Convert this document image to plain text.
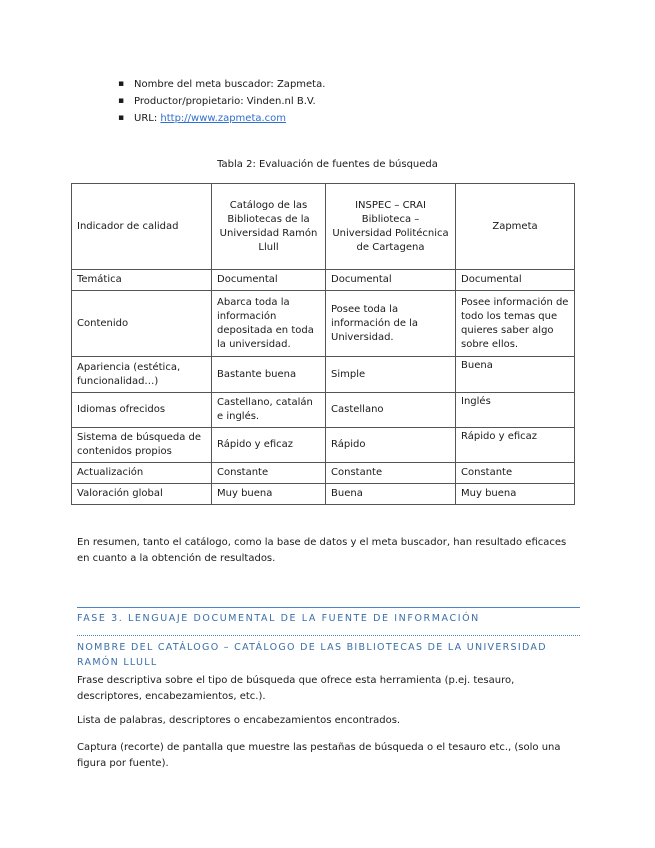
▪ Nombre del meta buscador: Zapmeta.
▪ Productor/propietario: Vinden.nl B.V.
▪ URL: http://www.zapmeta.com
Tabla 2: Evaluación de fuentes de búsqueda
Indicador de calidad	Catálogo de las Bibliotecas de la Universidad Ramón Llull	INSPEC – CRAI Biblioteca – Universidad Politécnica de Cartagena	Zapmeta
Temática	Documental	Documental	Documental
Contenido	Abarca toda la información depositada en toda la universidad.	Posee toda la información de la Universidad.	Posee información de todo los temas que quieres saber algo sobre ellos.
Apariencia (estética, funcionalidad…)	Bastante buena	Simple	Buena
Idiomas ofrecidos	Castellano, catalán e inglés.	Castellano	Inglés
Sistema de búsqueda de contenidos propios	Rápido y eficaz	Rápido	Rápido y eficaz
Actualización	Constante	Constante	Constante
Valoración global	Muy buena	Buena	Muy buena
En resumen, tanto el catálogo, como la base de datos y el meta buscador, han resultado eficaces en cuanto a la obtención de resultados.
FASE 3. LENGUAJE DOCUMENTAL DE LA FUENTE DE INFORMACIÓN
NOMBRE DEL CATÁLOGO – CATÁLOGO DE LAS BIBLIOTECAS DE LA UNIVERSIDAD RAMÓN LLULL
Frase descriptiva sobre el tipo de búsqueda que ofrece esta herramienta (p.ej. tesauro, descriptores, encabezamientos, etc.).
Lista de palabras, descriptores o encabezamientos encontrados.
Captura (recorte) de pantalla que muestre las pestañas de búsqueda o el tesauro etc., (solo una figura por fuente).
